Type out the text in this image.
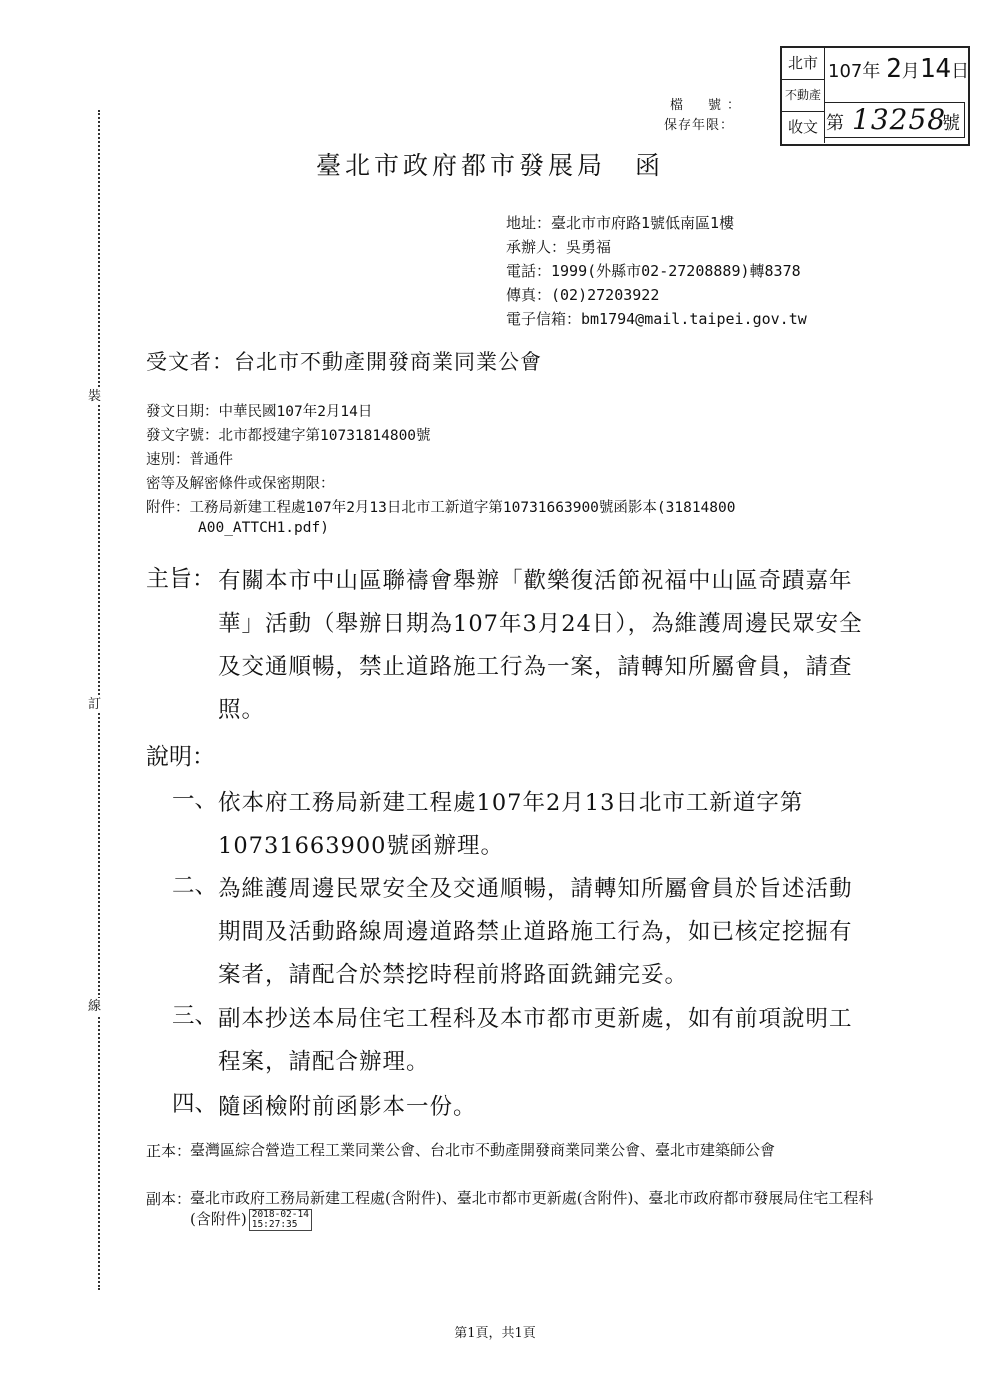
裝
訂
線
檔　號：
保存年限：
北市
不動產
收文
107年 2月14日
第 13258
號
臺北市政府都市發展局　函
地址：臺北市市府路1號低南區1樓
承辦人：吳勇福
電話：1999(外縣市02-27208889)轉8378
傳真：(02)27203922
電子信箱：bm1794@mail.taipei.gov.tw
受文者：台北市不動產開發商業同業公會
發文日期：中華民國107年2月14日
發文字號：北市都授建字第10731814800號
速別：普通件
密等及解密條件或保密期限：
附件：工務局新建工程處107年2月13日北市工新道字第10731663900號函影本(31814800
A00_ATTCH1.pdf)
主旨： 有關本市中山區聯禱會舉辦「歡樂復活節祝福中山區奇蹟嘉年華」活動（舉辦日期為107年3月24日），為維護周邊民眾安全及交通順暢，禁止道路施工行為一案，請轉知所屬會員，請查照。
說明：
一、 依本府工務局新建工程處107年2月13日北市工新道字第10731663900號函辦理。
二、 為維護周邊民眾安全及交通順暢，請轉知所屬會員於旨述活動期間及活動路線周邊道路禁止道路施工行為，如已核定挖掘有案者，請配合於禁挖時程前將路面銑鋪完妥。
三、 副本抄送本局住宅工程科及本市都市更新處，如有前項說明工程案，請配合辦理。
四、 隨函檢附前函影本一份。
正本：
臺灣區綜合營造工程工業同業公會、台北市不動產開發商業同業公會、臺北市建築師公會
副本：
臺北市政府工務局新建工程處(含附件)、臺北市都市更新處(含附件)、臺北市政府都市發展局住宅工程科(含附件) 2018-02-14
15:27:35
第1頁，共1頁
